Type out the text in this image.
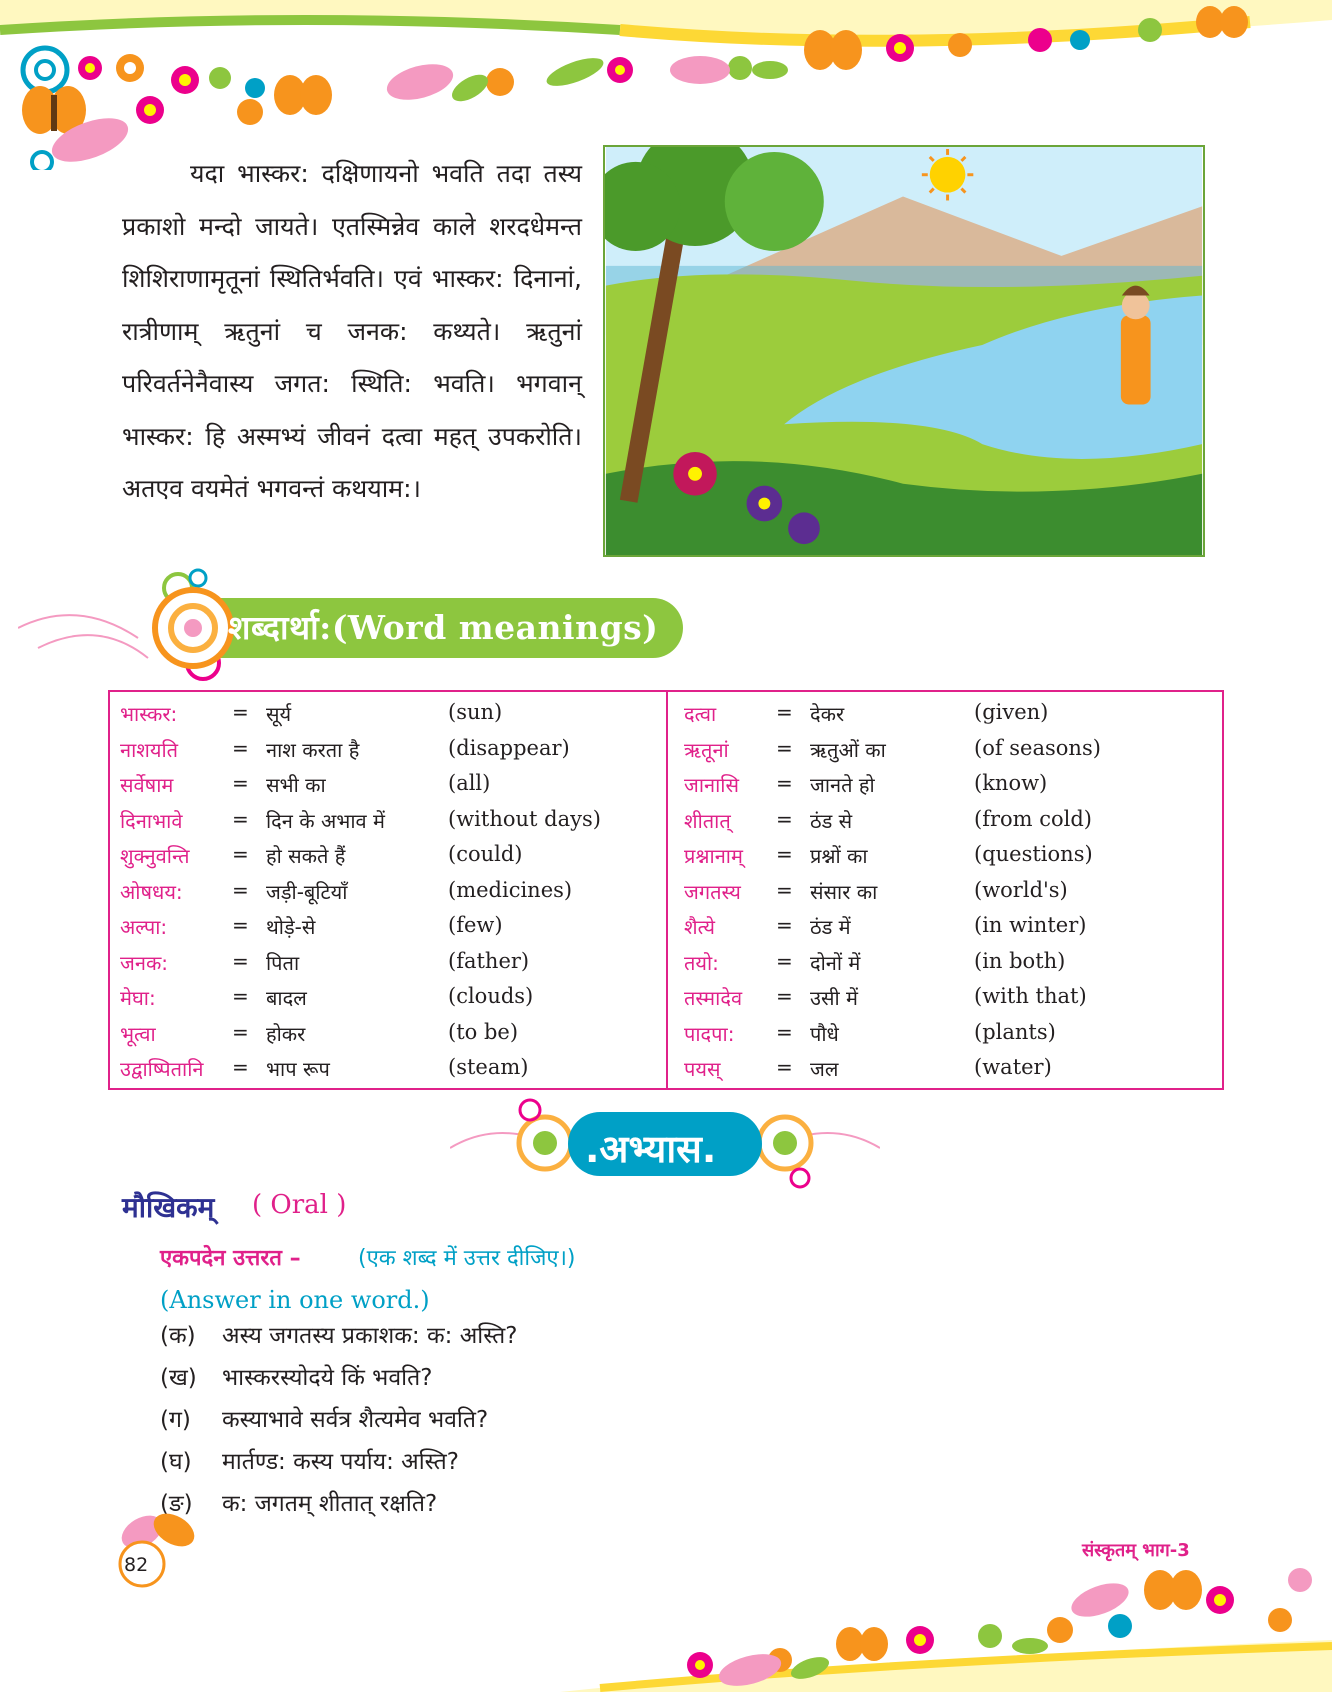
यदा भास्कर: दक्षिणायनो भवति तदा तस्य प्रकाशो मन्दो जायते। एतस्मिन्नेव काले शरदधेमन्त शिशिराणामृतूनां स्थितिर्भवति। एवं भास्कर: दिनानां, रात्रीणाम् ऋतुनां च जनक: कथ्यते। ऋतुनां परिवर्तनेनैवास्य जगत: स्थिति: भवति। भगवान् भास्कर: हि अस्मभ्यं जीवनं दत्वा महत् उपकरोति। अतएव वयमेतं भगवन्तं कथयाम:।

शब्दार्था:(Word meanings)
भास्कर:	= सूर्य	(sun)
नाशयति	= नाश करता है	(disappear)
सर्वेषाम	= सभी का	(all)
दिनाभावे = दिन के अभाव में	(without days)
शुक्नुवन्ति = हो सकते हैं	(could)
ओषधय: = जड़ी-बूटियाँ	(medicines)
अल्पा:	= थोड़े-से	(few)
जनक:	= पिता	(father)
मेघा:	= बादल	(clouds)
भूत्वा	= होकर	(to be)
उद्वाष्पितानि = भाप रूप	(steam)
दत्वा	= देकर	(given)
ऋतूनां = ऋतुओं का	(of seasons)
जानासि = जानते हो	(know)
शीतात् = ठंड से	(from cold)
प्रश्नानाम् = प्रश्नों का	(questions)
जगतस्य = संसार का	(world's)
शैत्ये	= ठंड में	(in winter)
तयो:	= दोनों में	(in both)
तस्मादेव = उसी में	(with that)
पादपा: = पौधे	(plants)
पयस्	= जल	(water)
.अभ्यास.
मौखिकम् ( Oral )
एकपदेन उत्तरत –	(एक शब्द में उत्तर दीजिए।)
(Answer in one word.)
(क) अस्य जगतस्य प्रकाशक: क: अस्ति?
(ख) भास्करस्योदये किं भवति?
(ग) कस्याभावे सर्वत्र शैत्यमेव भवति?
(घ) मार्तण्ड: कस्य पर्याय: अस्ति?
(ङ) क: जगतम् शीतात् रक्षति?
82
संस्कृतम् भाग-3
